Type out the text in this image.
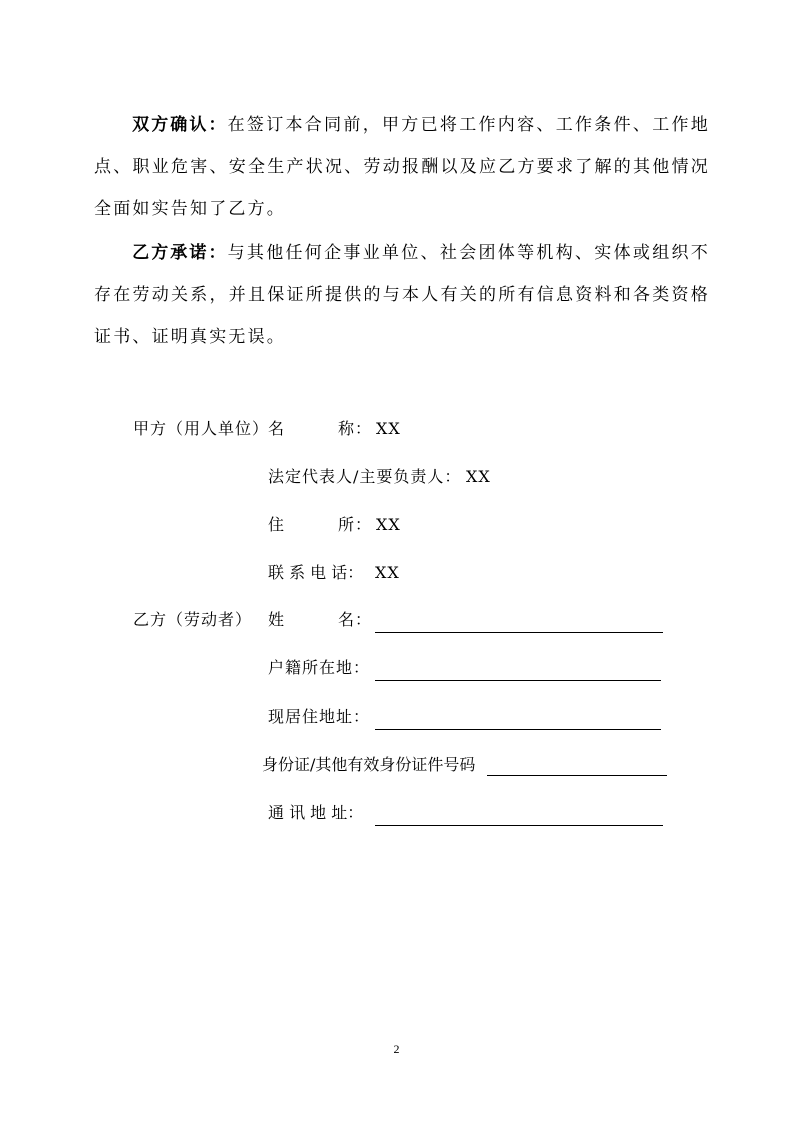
双方确认：在签订本合同前，甲方已将工作内容、工作条件、工作地点、职业危害、安全生产状况、劳动报酬以及应乙方要求了解的其他情况全面如实告知了乙方。
乙方承诺：与其他任何企事业单位、社会团体等机构、实体或组织不存在劳动关系，并且保证所提供的与本人有关的所有信息资料和各类资格证书、证明真实无误。
甲方（用人单位）
名	称： XX
法定代表人/主要负责人： XX
住	所： XX
联 系 电 话： XX
乙方（劳动者） 姓	名：
户籍所在地：
现居住地址：
身份证/其他有效身份证件号码
通 讯 地 址：
2
